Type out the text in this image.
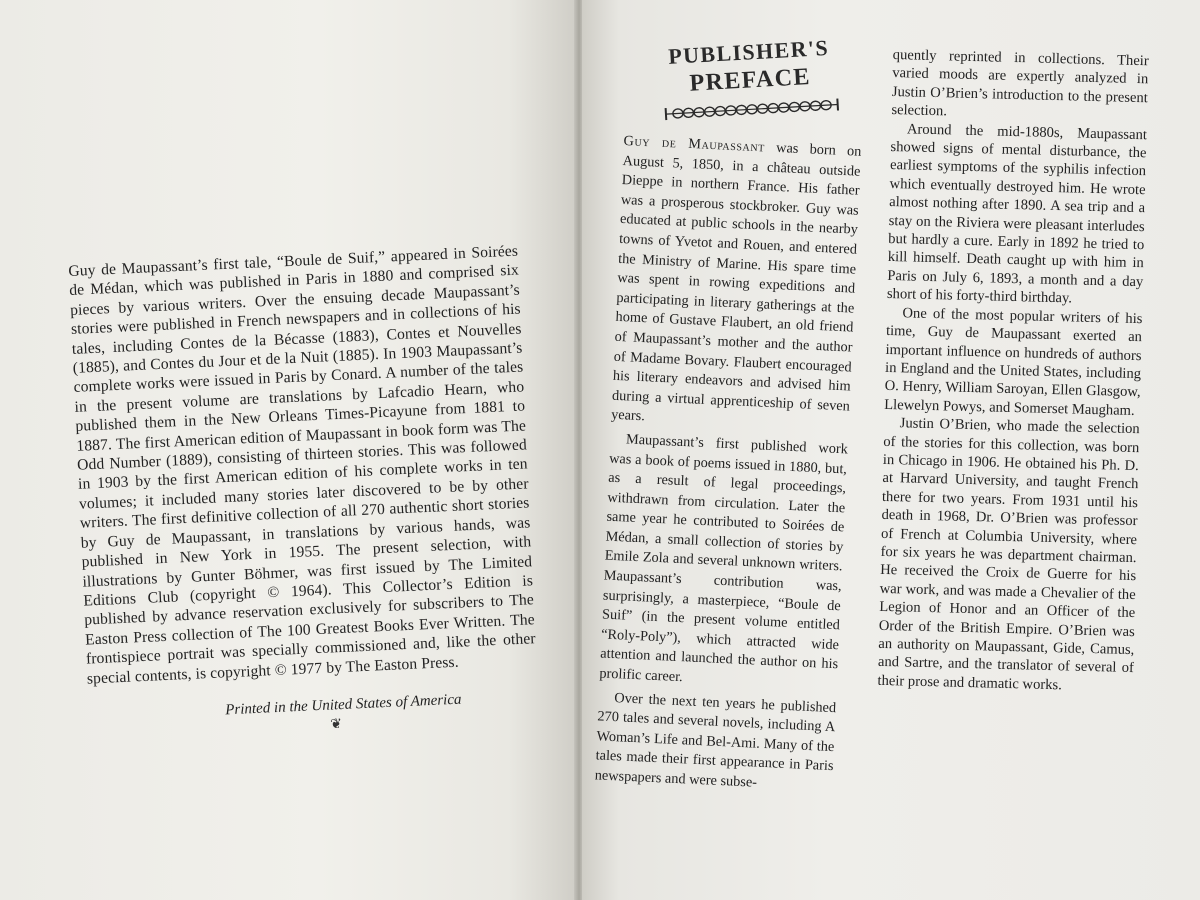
Guy de Maupassant’s first tale, “Boule de Suif,” appeared in Soirées de Médan, which was published in Paris in 1880 and comprised six pieces by various writers. Over the ensuing decade Maupassant’s stories were published in French newspapers and in collections of his tales, including Contes de la Bécasse (1883), Contes et Nouvelles (1885), and Contes du Jour et de la Nuit (1885). In 1903 Maupassant’s complete works were issued in Paris by Conard. A number of the tales in the present volume are translations by Lafcadio Hearn, who published them in the New Orleans Times-Picayune from 1881 to 1887. The first American edition of Maupassant in book form was The Odd Number (1889), consisting of thirteen stories. This was followed in 1903 by the first American edition of his complete works in ten volumes; it included many stories later discovered to be by other writers. The first definitive collection of all 270 authentic short stories by Guy de Maupassant, in translations by various hands, was published in New York in 1955. The present selection, with illustrations by Gunter Böhmer, was first issued by The Limited Editions Club (copyright © 1964). This Collector’s Edition is published by advance reservation exclusively for subscribers to The Easton Press collection of The 100 Greatest Books Ever Written. The frontispiece portrait was specially commissioned and, like the other special contents, is copyright © 1977 by The Easton Press.

Printed in the United States of America

❦
PUBLISHER'S
PREFACE

Guy de Maupassant was born on August 5, 1850, in a château outside Dieppe in northern France. His father was a prosperous stockbroker. Guy was educated at public schools in the nearby towns of Yvetot and Rouen, and entered the Ministry of Marine. His spare time was spent in rowing expeditions and participating in literary gatherings at the home of Gustave Flaubert, an old friend of Maupassant’s mother and the author of Madame Bovary. Flaubert encouraged his literary endeavors and advised him during a virtual apprenticeship of seven years.

Maupassant’s first published work was a book of poems issued in 1880, but, as a result of legal proceedings, withdrawn from circulation. Later the same year he contributed to Soirées de Médan, a small collection of stories by Emile Zola and several unknown writers. Maupassant’s contribution was, surprisingly, a masterpiece, “Boule de Suif” (in the present volume entitled “Roly-Poly”), which attracted wide attention and launched the author on his prolific career.

Over the next ten years he published 270 tales and several novels, including A Woman’s Life and Bel-Ami. Many of the tales made their first appearance in Paris newspapers and were subse-

quently reprinted in collections. Their varied moods are expertly analyzed in Justin O’Brien’s introduction to the present selection.

Around the mid-1880s, Maupassant showed signs of mental disturbance, the earliest symptoms of the syphilis infection which eventually destroyed him. He wrote almost nothing after 1890. A sea trip and a stay on the Riviera were pleasant interludes but hardly a cure. Early in 1892 he tried to kill himself. Death caught up with him in Paris on July 6, 1893, a month and a day short of his forty-third birthday.

One of the most popular writers of his time, Guy de Maupassant exerted an important influence on hundreds of authors in England and the United States, including O. Henry, William Saroyan, Ellen Glasgow, Llewelyn Powys, and Somerset Maugham.

Justin O’Brien, who made the selection of the stories for this collection, was born in Chicago in 1906. He obtained his Ph. D. at Harvard University, and taught French there for two years. From 1931 until his death in 1968, Dr. O’Brien was professor of French at Columbia University, where for six years he was department chairman. He received the Croix de Guerre for his war work, and was made a Chevalier of the Legion of Honor and an Officer of the Order of the British Empire. O’Brien was an authority on Maupassant, Gide, Camus, and Sartre, and the translator of several of their prose and dramatic works.
